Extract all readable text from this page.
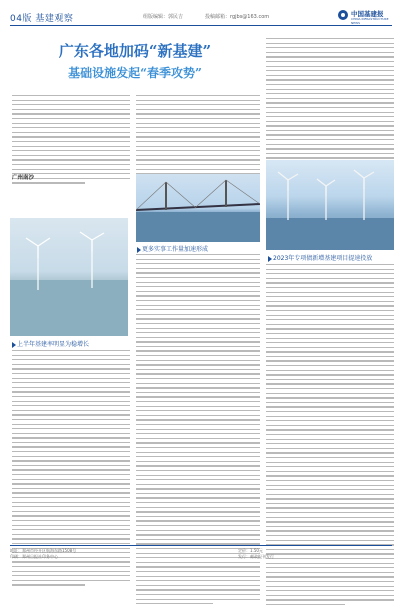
04版 基建观察	组版编辑：郭民吉	投稿邮箱：rgjbs@163.com	中国基建报
CHINA INFRASTRUCTURE NEWS
广东各地加码“新基建”
基础设施发起“春季攻势”
广州南沙
更多实事工作量加速形成
2023年专项债新增基建项目提速投放
上半年基建率明显为稳增长
地址：郑州市经开区航海东路1508号
印刷：郑州日报社印务中心
定价：1.50元
发行：邮政报刊发行
